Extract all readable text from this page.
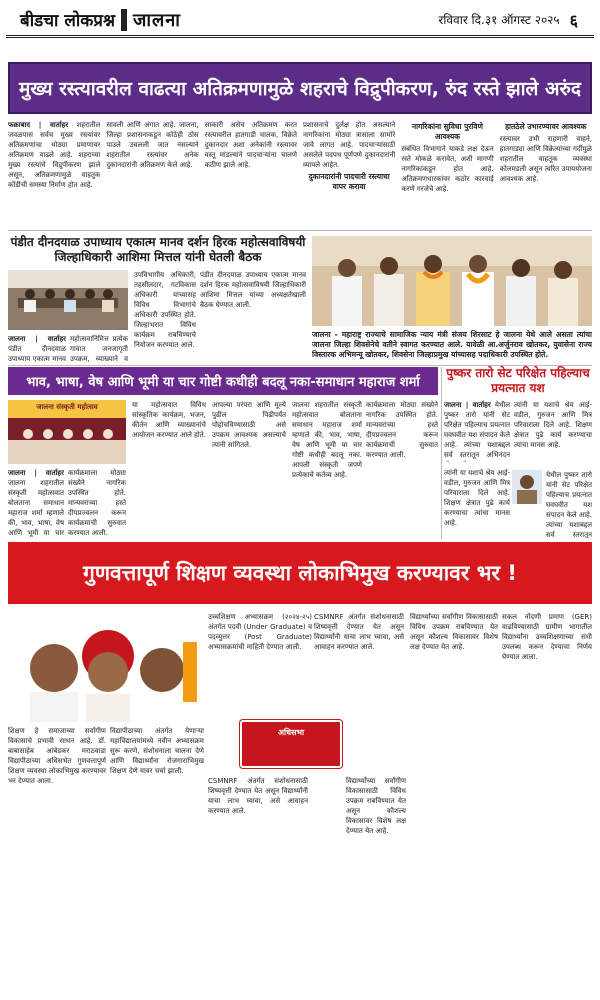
बीडचा लोकप्रश्न जालना	रविवार दि.३१ ऑगस्ट २०२५ ६
मुख्य रस्त्यावरील वाढत्या अतिक्रमणामुळे शहराचे विद्रुपीकरण, रुंद रस्ते झाले अरुंद

फक्राबाद | वार्ताहर शहरातील जवळपास सर्वच मुख्य रस्त्यांवर अतिक्रमणांचा मोठ्या प्रमाणावर अतिक्रमण वाढले आहे. शहराच्या मुख्य रस्त्यांचे विद्रुपीकरण झाले असून, अतिक्रमणामुळे वाहतुक कोंडीची समस्या निर्माण होत आहे.

सावली आणि अंगात आहे. जालना, जिल्हा प्रशासनाकडून कोठेही ठोस पाउले उचलली जात नसल्याने शहरातील रस्त्यांवर अनेक दुकानदारांनी अतिक्रमण केले आहे.

साकारी असेच अतिक्रमण करत रस्त्यावरील हातगाडी चालक, विक्रेते दुकानदार अशा अनेकांनी रस्त्यावर वस्तू मांडल्याने पादचाऱ्यांना चालणे कठीण झाले आहे.

प्रशासनाचे दुर्लक्ष होत असल्याने नागरिकांना मोठ्या त्रासाला सामोरे जावे लागत आहे. पादचाऱ्यांसाठी असलेले पदपथ पूर्णपणे दुकानदारांनी व्यापले आहेत.

दुकानदारांनी पादचारी रस्त्याचा वापर करावा
नागरिकांना सुविधा पुरविणे आवश्यक

संबंधित विभागाने याकडे लक्ष देऊन रस्ते मोकळे करावेत, अशी मागणी नागरिकांकडून होत आहे. अतिक्रमणधारकांवर कठोर कारवाई करणे गरजेचे आहे.

हातठेले उभारण्यावर आवश्यक

रस्त्यावर उभी राहणारी वाहने, हातगाड्या आणि विक्रेत्यांच्या गर्दीमुळे शहरातील वाहतूक व्यवस्था कोलमडली असून त्वरित उपाययोजना आवश्यक आहे.

पंडीत दीनदयाळ उपाध्याय एकात्म मानव दर्शन हिरक महोत्सवाविषयी जिल्हाधिकारी आशिमा मित्तल यांनी घेतली बैठक
जालना | वार्ताहर पंडीत दीनदयाळ उपाध्याय एकात्म मानव
महोत्सवानिमित्त प्रत्येक गावात जनजागृती उपक्रम, व्याख्याने व
उपविभागीय अधिकारी, तहसीलदार, गटविकास अधिकारी यांच्यासह विविध विभागांचे अधिकारी उपस्थित होते. जिल्हाभरात विविध कार्यक्रम राबविण्याचे नियोजन करण्यात आले.
पंडीत दीनदयाळ उपाध्याय एकात्म मानव दर्शन हिरक महोत्सवाविषयी जिल्हाधिकारी आशिमा मित्तल यांच्या अध्यक्षतेखाली बैठक घेण्यात आली.
जालना - महाराष्ट्र राज्याचे सामाजिक न्याय मंत्री संजय शिरसाट हे जालना येथे आले असता त्यांचा जालना जिल्हा शिवसेनेचे वतीने स्वागत करण्यात आले. यावेळी आ.अर्जुनराव खोतकर, युवासेना राज्य विस्तारक अभिमन्यू खोतकर, शिवसेना जिल्हाप्रमुख यांच्यासह पदाधिकारी उपस्थित होते.
भाव, भाषा, वेष आणि भूमी या चार गोष्टी कधीही बदलू नका-समाधान महाराज शर्मा
जालना संस्कृती महोत्सव
जालना | वार्ताहर जालना शहरातील संस्कृती महोत्सवात बोलताना समाधान महाराज शर्मा म्हणाले की, भाव, भाषा, वेष आणि भूमी या चार
कार्यक्रमाला मोठ्या संख्येने नागरिक उपस्थित होते. मान्यवरांच्या हस्ते दीपप्रज्वलन करून कार्यक्रमाची सुरुवात करण्यात आली.
या महोत्सवात विविध सांस्कृतिक कार्यक्रम, भजन, कीर्तन आणि व्याख्यानांचे आयोजन करण्यात आले होते.
आपल्या परंपरा आणि मूल्ये पुढील पिढीपर्यंत पोहोचविण्यासाठी असे उपक्रम आवश्यक असल्याचे त्यांनी सांगितले.
जालना शहरातील संस्कृती महोत्सवात बोलताना समाधान महाराज शर्मा म्हणाले की, भाव, भाषा, वेष आणि भूमी या चार गोष्टी कधीही बदलू नका. आपली संस्कृती जपणे प्रत्येकाचे कर्तव्य आहे.
कार्यक्रमाला मोठ्या संख्येने नागरिक उपस्थित होते. मान्यवरांच्या हस्ते दीपप्रज्वलन करून कार्यक्रमाची सुरुवात करण्यात आली.
पुष्कर तारो सेट परिक्षेत पहिल्याच प्रयत्नात यश
जालना | वार्ताहर येथील पुष्कर तारो यांनी सेट परिक्षेत पहिल्याच प्रयत्नात घवघवीत यश संपादन केले आहे. त्यांच्या यशाबद्दल सर्व स्तरातून अभिनंदन
त्यांनी या यशाचे श्रेय आई-वडील, गुरुजन आणि मित्र परिवाराला दिले आहे. शिक्षण क्षेत्रात पुढे कार्य करण्याचा त्यांचा मानस आहे.
त्यांनी या यशाचे श्रेय आई-वडील, गुरुजन आणि मित्र परिवाराला दिले आहे. शिक्षण क्षेत्रात पुढे कार्य करण्याचा त्यांचा मानस आहे.
येथील पुष्कर तारो यांनी सेट परिक्षेत पहिल्याच प्रयत्नात घवघवीत यश संपादन केले आहे. त्यांच्या यशाबद्दल सर्व स्तरातून
गुणवत्तापूर्ण शिक्षण व्यवस्था लोकाभिमुख करण्यावर भर !
शिक्षण हे समाजाच्या सर्वांगीण विकासाचे प्रभावी साधन आहे. डॉ. बाबासाहेब आंबेडकर मराठवाडा विद्यापीठाच्या अधिसभेत गुणवत्तापूर्ण शिक्षण व्यवस्था लोकाभिमुख करण्यावर भर देण्यात आला.
विद्यापीठाच्या अंतर्गत येणाऱ्या महाविद्यालयांमध्ये नवीन अभ्यासक्रम सुरू करणे, संशोधनाला चालना देणे आणि विद्यार्थ्यांना रोजगाराभिमुख शिक्षण देणे यावर चर्चा झाली.
उच्चशिक्षण अभ्यासक्रम (२०२४-२५) अंतर्गत पदवी (Under Graduate) व पदव्युत्तर (Post Graduate) अभ्यासक्रमांची माहिती देण्यात आली.
अधिसभा
CSMNRF अंतर्गत संशोधनासाठी शिष्यवृत्ती देण्यात येत असून विद्यार्थ्यांनी याचा लाभ घ्यावा, असे आवाहन करण्यात आले.
CSMNRF अंतर्गत संशोधनासाठी शिष्यवृत्ती देण्यात येत असून विद्यार्थ्यांनी याचा लाभ घ्यावा, असे आवाहन करण्यात आले.
विद्यार्थ्यांच्या सर्वांगीण विकासासाठी विविध उपक्रम राबविण्यात येत असून कौशल्य विकासावर विशेष लक्ष देण्यात येत आहे.
विद्यार्थ्यांच्या सर्वांगीण विकासासाठी विविध उपक्रम राबविण्यात येत असून कौशल्य विकासावर विशेष लक्ष देण्यात येत आहे.
सकल नोंदणी प्रमाण (GER) वाढविण्यासाठी ग्रामीण भागातील विद्यार्थ्यांना उच्चशिक्षणाच्या संधी उपलब्ध करून देण्याचा निर्णय घेण्यात आला.
